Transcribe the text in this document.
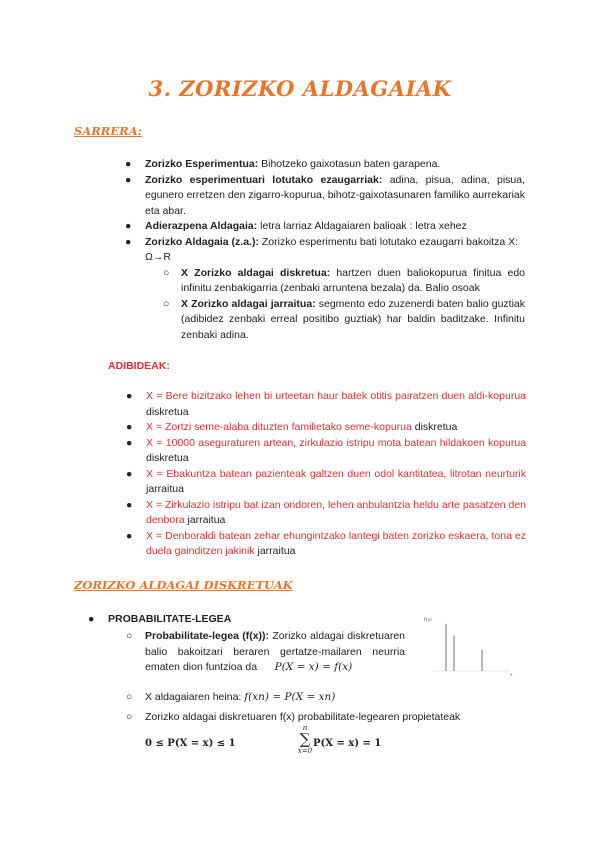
3. ZORIZKO ALDAGAIAK
SARRERA:
● Zorizko Esperimentua: Bihotzeko gaixotasun baten garapena.
● Zorizko esperimentuari lotutako ezaugarriak: adina, pisua, adina, pisua, egunero erretzen den zigarro-kopurua, bihotz-gaixotasunaren familiko aurrekariak eta abar.
● Adierazpena Aldagaia: letra larriaz Aldagaiaren balioak : letra xehez
● Zorizko Aldagaia (z.a.): Zorizko esperimentu bati lotutako ezaugarri bakoitza X: Ω→R
○ X Zorizko aldagai diskretua: hartzen duen baliokopurua finitua edo infinitu zenbakigarria (zenbaki arruntena bezala) da. Balio osoak
○ X Zorizko aldagai jarraitua: segmento edo zuzenerdi baten balio guztiak (adibidez zenbaki erreal positibo guztiak) har baldin baditzake. Infinitu zenbaki adina.
ADIBIDEAK:
● X = Bere bizitzako lehen bi urteetan haur batek otitis pairatzen duen aldi-kopurua diskretua
● X = Zortzi seme-alaba dituzten familietako seme-kopurua diskretua
● X = 10000 aseguraturen artean, zirkulazio istripu mota batean hildakoen kopurua diskretua
● X = Ebakuntza batean pazienteak galtzen duen odol kantitatea, litrotan neurturik jarraitua
● X = Zirkulazio istripu bat izan ondoren, lehen anbulantzia heldu arte pasatzen den denbora jarraitua
● X = Denboraldi batean zehar ehungintzako lantegi baten zorizko eskaera, tona ez duela gainditzen jakinik jarraitua
ZORIZKO ALDAGAI DISKRETUAK
● PROBABILITATE-LEGEA
○ Probabilitate-legea (f(x)): Zorizko aldagai diskretuaren balio bakoitzari beraren gertatze-mailaren neurria ematen dion funtzioa da P(X = x) = f(x)
○ X aldagaiaren heina: f(xn) = P(X = xn)
○ Zorizko aldagai diskretuaren f(x) probabilitate-legearen propietateak
0 ≤ P(X = x) ≤ 1
n
∑
x=0
P(X = x) = 1
f(x)
x
